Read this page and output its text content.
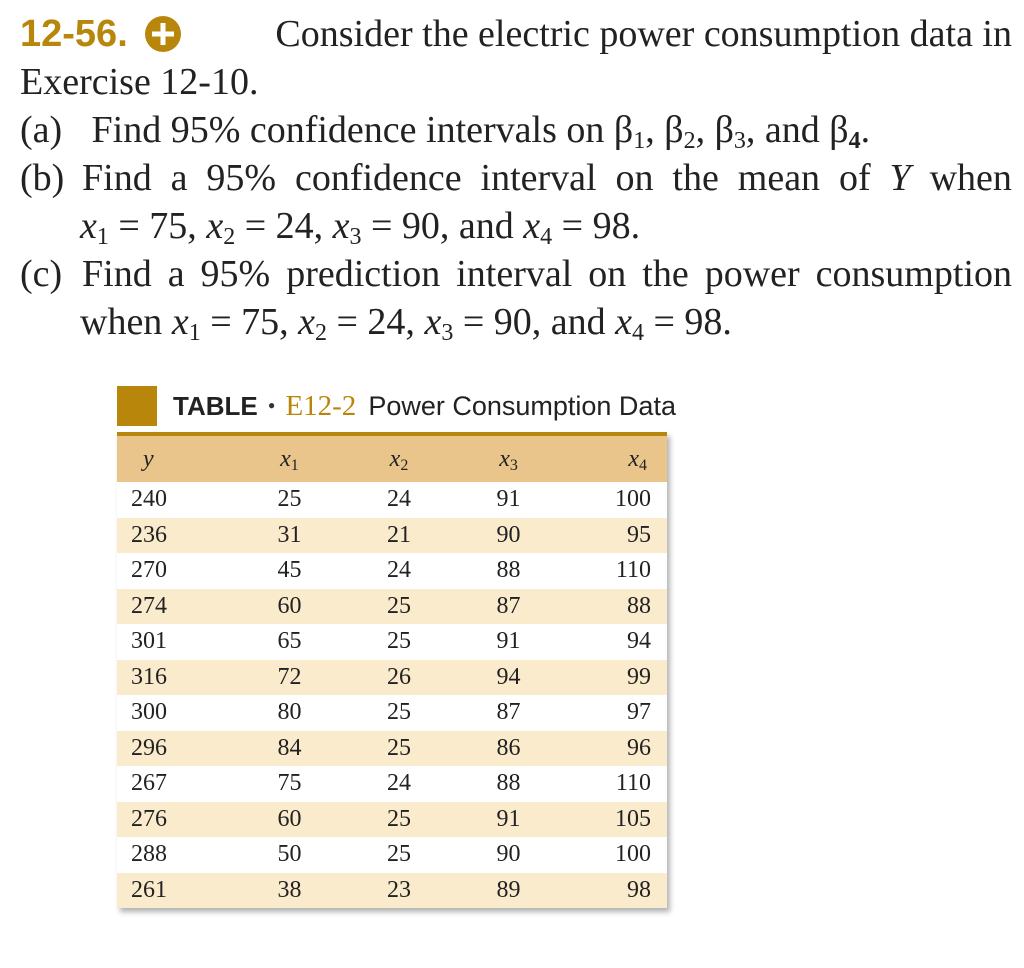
12-56.	Consider the electric power consumption data in
Exercise 12-10.
(a) Find 95% confidence intervals on $\beta_1$, $\beta_2$, $\beta_3$, and $\beta_4$.
(b) Find a 95% confidence interval on the mean of Y when
$x_1 = 75$, $x_2 = 24$, $x_3 = 90$, and $x_4 = 98$.
(c) Find a 95% prediction interval on the power consumption
when $x_1 = 75$, $x_2 = 24$, $x_3 = 90$, and $x_4 = 98$.
TABLE • E12-2 Power Consumption Data
y	$x_1$	$x_2$	$x_3$	$x_4$
240	25	24	91	100
236	31	21	90	95
270	45	24	88	110
274	60	25	87	88
301	65	25	91	94
316	72	26	94	99
300	80	25	87	97
296	84	25	86	96
267	75	24	88	110
276	60	25	91	105
288	50	25	90	100
261	38	23	89	98
